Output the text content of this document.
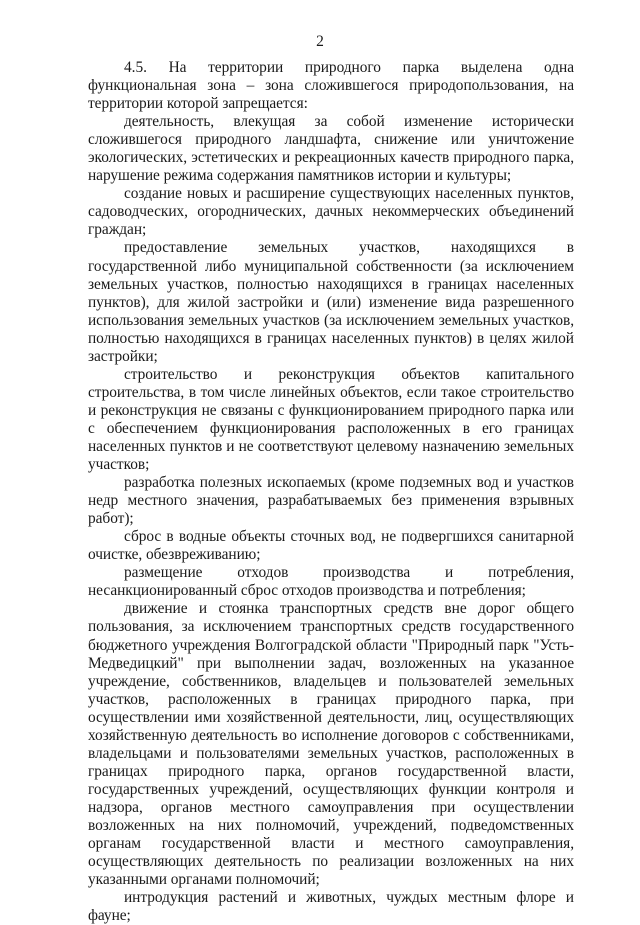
2

4.5. На территории природного парка выделена одна функциональная зона – зона сложившегося природопользования, на территории которой запрещается:

деятельность, влекущая за собой изменение исторически сложившегося природного ландшафта, снижение или уничтожение экологических, эстетических и рекреационных качеств природного парка, нарушение режима содержания памятников истории и культуры;

создание новых и расширение существующих населенных пунктов, садоводческих, огороднических, дачных некоммерческих объединений граждан;

предоставление земельных участков, находящихся в государственной либо муниципальной собственности (за исключением земельных участков, полностью находящихся в границах населенных пунктов), для жилой застройки и (или) изменение вида разрешенного использования земельных участков (за исключением земельных участков, полностью находящихся в границах населенных пунктов) в целях жилой застройки;

строительство и реконструкция объектов капитального строительства, в том числе линейных объектов, если такое строительство и реконструкция не связаны с функционированием природного парка или с обеспечением функционирования расположенных в его границах населенных пунктов и не соответствуют целевому назначению земельных участков;

разработка полезных ископаемых (кроме подземных вод и участков недр местного значения, разрабатываемых без применения взрывных работ);

сброс в водные объекты сточных вод, не подвергшихся санитарной очистке, обезвреживанию;

размещение отходов производства и потребления, несанкционированный сброс отходов производства и потребления;

движение и стоянка транспортных средств вне дорог общего пользования, за исключением транспортных средств государственного бюджетного учреждения Волгоградской области "Природный парк "Усть-Медведицкий" при выполнении задач, возложенных на указанное учреждение, собственников, владельцев и пользователей земельных участков, расположенных в границах природного парка, при осуществлении ими хозяйственной деятельности, лиц, осуществляющих хозяйственную деятельность во исполнение договоров с собственниками, владельцами и пользователями земельных участков, расположенных в границах природного парка, органов государственной власти, государственных учреждений, осуществляющих функции контроля и надзора, органов местного самоуправления при осуществлении возложенных на них полномочий, учреждений, подведомственных органам государственной власти и местного самоуправления, осуществляющих деятельность по реализации возложенных на них указанными органами полномочий;

интродукция растений и животных, чуждых местным флоре и фауне;
